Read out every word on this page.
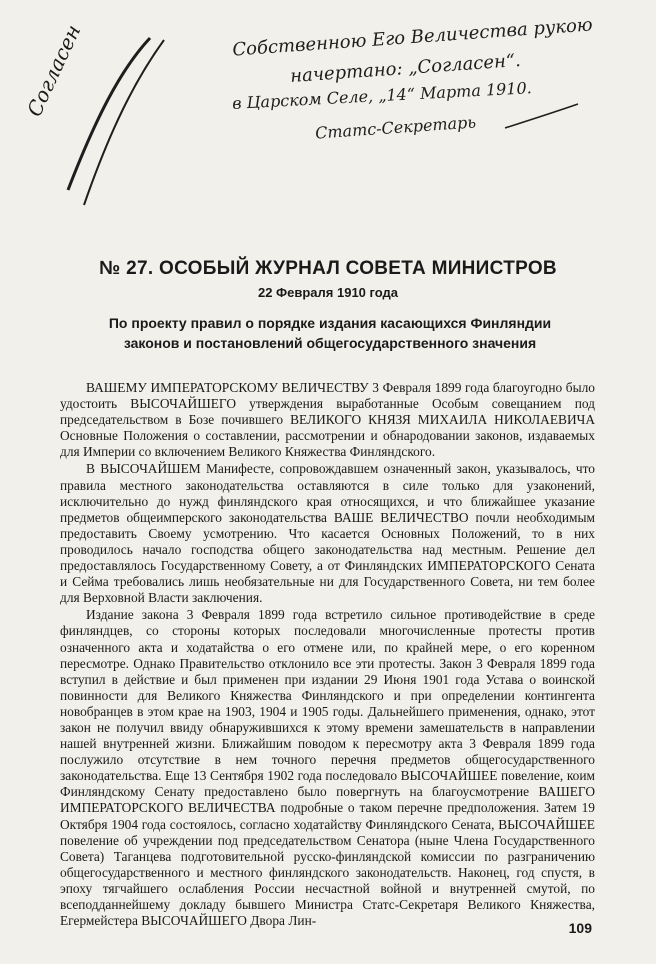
Собственною Его Величества рукою
начертано: „Согласен“.
в Царском Селе, „14“ Марта 1910.
Статс-Секретарь
Согласен
№ 27. ОСОБЫЙ ЖУРНАЛ СОВЕТА МИНИСТРОВ
22 Февраля 1910 года
По проекту правил о порядке издания касающихся Финляндии
законов и постановлений общегосударственного значения

ВАШЕМУ ИМПЕРАТОРСКОМУ ВЕЛИЧЕСТВУ 3 Февраля 1899 года благоугодно было удостоить ВЫСОЧАЙШЕГО утверждения выработанные Особым совещанием под председательством в Бозе почившего ВЕЛИКОГО КНЯЗЯ МИХАИЛА НИКОЛАЕВИЧА Основные Положения о составлении, рассмотрении и обнародовании законов, издаваемых для Империи со включением Великого Княжества Финляндского.

В ВЫСОЧАЙШЕМ Манифесте, сопровождавшем означенный закон, указывалось, что правила местного законодательства оставляются в силе только для узаконений, исключительно до нужд финляндского края относящихся, и что ближайшее указание предметов общеимперского законодательства ВАШЕ ВЕЛИЧЕСТВО почли необходимым предоставить Своему усмотрению. Что касается Основных Положений, то в них проводилось начало господства общего законодательства над местным. Решение дел предоставлялось Государственному Совету, а от Финляндских ИМПЕРАТОРСКОГО Сената и Сейма требовались лишь необязательные ни для Государственного Совета, ни тем более для Верховной Власти заключения.

Издание закона 3 Февраля 1899 года встретило сильное противодействие в среде финляндцев, со стороны которых последовали многочисленные протесты против означенного акта и ходатайства о его отмене или, по крайней мере, о его коренном пересмотре. Однако Правительство отклонило все эти протесты. Закон 3 Февраля 1899 года вступил в действие и был применен при издании 29 Июня 1901 года Устава о воинской повинности для Великого Княжества Финляндского и при определении контингента новобранцев в этом крае на 1903, 1904 и 1905 годы. Дальнейшего применения, однако, этот закон не получил ввиду обнаружившихся к этому времени замешательств в направлении нашей внутренней жизни. Ближайшим поводом к пересмотру акта 3 Февраля 1899 года послужило отсутствие в нем точного перечня предметов общегосударственного законодательства. Еще 13 Сентября 1902 года последовало ВЫСОЧАЙШЕЕ повеление, коим Финляндскому Сенату предоставлено было повергнуть на благоусмотрение ВАШЕГО ИМПЕРАТОРСКОГО ВЕЛИЧЕСТВА подробные о таком перечне предположения. Затем 19 Октября 1904 года состоялось, согласно ходатайству Финляндского Сената, ВЫСОЧАЙШЕЕ повеление об учреждении под председательством Сенатора (ныне Члена Государственного Совета) Таганцева подготовительной русско-финляндской комиссии по разграничению общегосударственного и местного финляндского законодательств. Наконец, год спустя, в эпоху тягчайшего ослабления России несчастной войной и внутренней смутой, по всеподданнейшему докладу бывшего Министра Статс-Секретаря Великого Княжества, Егермейстера ВЫСОЧАЙШЕГО Двора Лин-	109
